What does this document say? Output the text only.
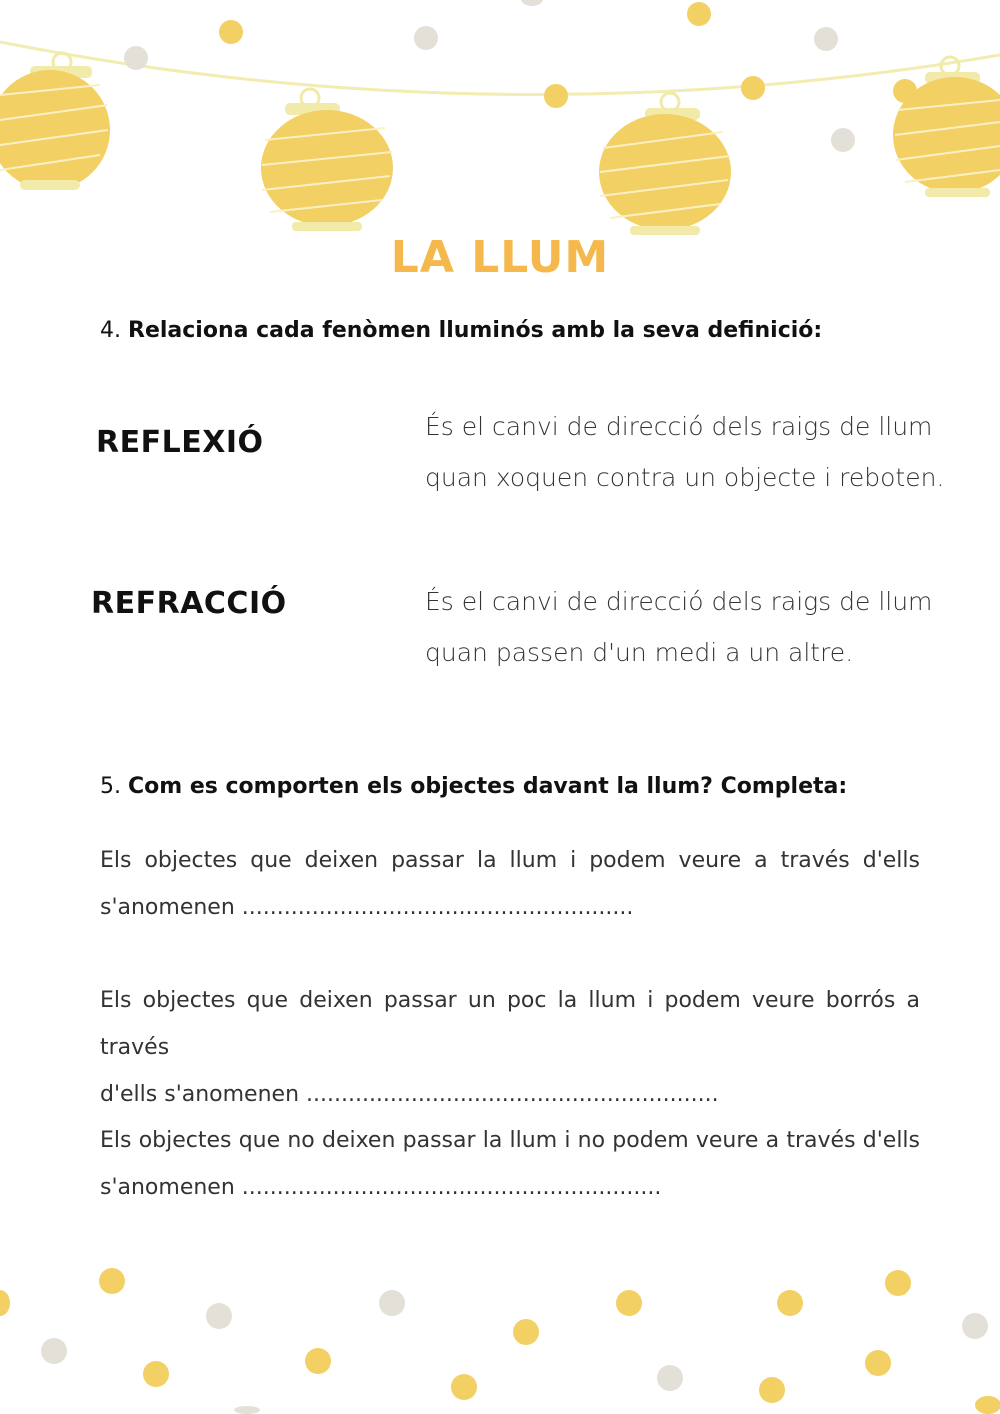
LA LLUM
4. Relaciona cada fenòmen lluminós amb la seva definició:
REFLEXIÓ	És el canvi de direcció dels raigs de llum
quan xoquen contra un objecte i reboten.
REFRACCIÓ	És el canvi de direcció dels raigs de llum
quan passen d'un medi a un altre.
5. Com es comporten els objectes davant la llum? Completa:
Els objectes que deixen passar la llum i podem veure a través d'ells
s'anomenen ........................................................
Els objectes que deixen passar un poc la llum i podem veure borrós a través
d'ells s'anomenen ...........................................................
Els objectes que no deixen passar la llum i no podem veure a través d'ells
s'anomenen ............................................................
